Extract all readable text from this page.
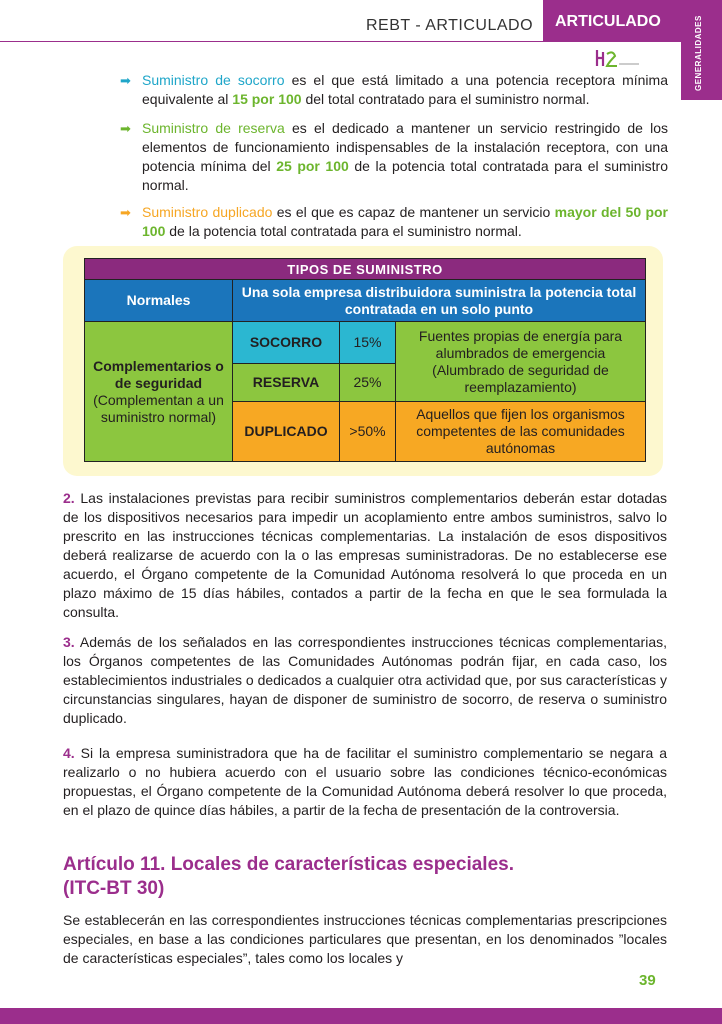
REBT - ARTICULADO	ARTICULADO	GENERALIDADES
➡ Suministro de socorro es el que está limitado a una potencia receptora mínima equivalente al 15 por 100 del total contratado para el suministro normal.

➡ Suministro de reserva es el dedicado a mantener un servicio restringido de los elementos de funcionamiento indispensables de la instalación receptora, con una potencia mínima del 25 por 100 de la potencia total contratada para el suministro normal.

➡ Suministro duplicado es el que es capaz de mantener un servicio mayor del 50 por 100 de la potencia total contratada para el suministro normal.

TIPOS DE SUMINISTRO			
Normales	Una sola empresa distribuidora suministra la potencia total contratada en un solo punto		
Complementarios o de seguridad
(Complementan a un suministro normal)	SOCORRO	15%	Fuentes propias de energía para alumbrados de emergencia (Alumbrado de seguridad de reemplazamiento)
	RESERVA	25%	
	DUPLICADO	>50%	Aquellos que fijen los organismos competentes de las comunidades autónomas
2. Las instalaciones previstas para recibir suministros complementarios deberán estar dotadas de los dispositivos necesarios para impedir un acoplamiento entre ambos suministros, salvo lo prescrito en las instrucciones técnicas complementarias. La instalación de esos dispositivos deberá realizarse de acuerdo con la o las empresas suministradoras. De no establecerse ese acuerdo, el Órgano competente de la Comunidad Autónoma resolverá lo que proceda en un plazo máximo de 15 días hábiles, contados a partir de la fecha en que le sea formulada la consulta.
3. Además de los señalados en las correspondientes instrucciones técnicas complementarias, los Órganos competentes de las Comunidades Autónomas podrán fijar, en cada caso, los establecimientos industriales o dedicados a cualquier otra actividad que, por sus características y circunstancias singulares, hayan de disponer de suministro de socorro, de reserva o suministro duplicado.
4. Si la empresa suministradora que ha de facilitar el suministro complementario se negara a realizarlo o no hubiera acuerdo con el usuario sobre las condiciones técnico-económicas propuestas, el Órgano competente de la Comunidad Autónoma deberá resolver lo que proceda, en el plazo de quince días hábiles, a partir de la fecha de presentación de la controversia.
Artículo 11. Locales de características especiales.
(ITC-BT 30)
Se establecerán en las correspondientes instrucciones técnicas complementarias prescripciones especiales, en base a las condiciones particulares que presentan, en los denominados ”locales de características especiales”, tales como los locales y
39
